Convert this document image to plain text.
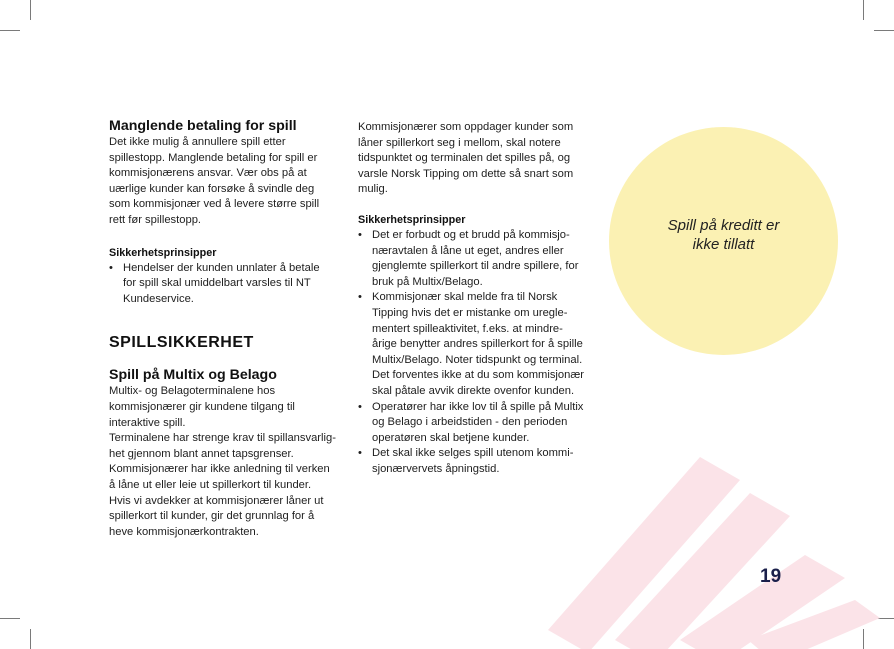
Manglende betaling for spill

Det ikke mulig å annullere spill etter
spillestopp. Manglende betaling for spill er
kommisjonærens ansvar. Vær obs på at
uærlige kunder kan forsøke å svindle deg
som kommisjonær ved å levere større spill
rett før spillestopp.

Sikkerhetsprinsipper

• Hendelser der kunden unnlater å betale
for spill skal umiddelbart varsles til NT
Kundeservice.
SPILLSIKKERHET
Spill på Multix og Belago

Multix- og Belagoterminalene hos
kommisjonærer gir kundene tilgang til
interaktive spill.
Terminalene har strenge krav til spillansvarlig-
het gjennom blant annet tapsgrenser.
Kommisjonærer har ikke anledning til verken
å låne ut eller leie ut spillerkort til kunder.
Hvis vi avdekker at kommisjonærer låner ut
spillerkort til kunder, gir det grunnlag for å
heve kommisjonærkontrakten.

Kommisjonærer som oppdager kunder som
låner spillerkort seg i mellom, skal notere
tidspunktet og terminalen det spilles på, og
varsle Norsk Tipping om dette så snart som
mulig.

Sikkerhetsprinsipper

• Det er forbudt og et brudd på kommisjo-
næravtalen å låne ut eget, andres eller
gjenglemte spillerkort til andre spillere, for
bruk på Multix/Belago.
• Kommisjonær skal melde fra til Norsk
Tipping hvis det er mistanke om uregle-
mentert spilleaktivitet, f.eks. at mindre-
årige benytter andres spillerkort for å spille
Multix/Belago. Noter tidspunkt og terminal.
Det forventes ikke at du som kommisjonær
skal påtale avvik direkte ovenfor kunden.
• Operatører har ikke lov til å spille på Multix
og Belago i arbeidstiden - den perioden
operatøren skal betjene kunder.
• Det skal ikke selges spill utenom kommi-
sjonærvervets åpningstid.
Spill på kreditt er
ikke tillatt
19
